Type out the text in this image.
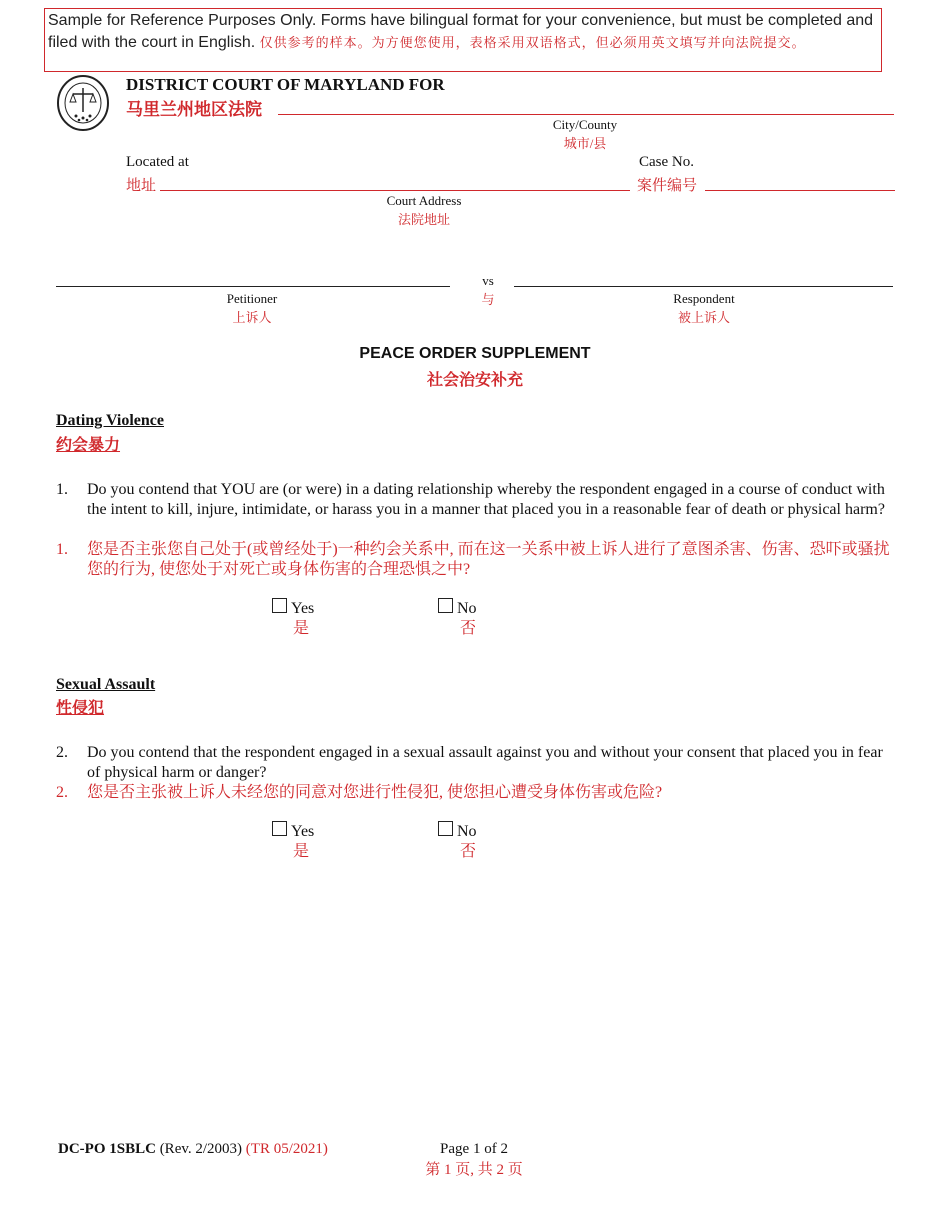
Sample for Reference Purposes Only. Forms have bilingual format for your convenience, but must be completed and filed with the court in English. 仅供参考的样本。为方便您使用，表格采用双语格式，但必须用英文填写并向法院提交。
DISTRICT COURT OF MARYLAND FOR
马里兰州地区法院
City/County
城市/县
Located at
地址
Court Address
法院地址
Case No.
案件编号
vs
与
Petitioner
上诉人
Respondent
被上诉人
PEACE ORDER SUPPLEMENT
社会治安补充
Dating Violence
约会暴力
1. Do you contend that YOU are (or were) in a dating relationship whereby the respondent engaged in a course of conduct with the intent to kill, injure, intimidate, or harass you in a manner that placed you in a reasonable fear of death or physical harm?
1. 您是否主张您自己处于(或曾经处于)一种约会关系中, 而在这一关系中被上诉人进行了意图杀害、伤害、恐吓或骚扰您的行为, 使您处于对死亡或身体伤害的合理恐惧之中?
Yes
是
No
否
Sexual Assault
性侵犯
2. Do you contend that the respondent engaged in a sexual assault against you and without your consent that placed you in fear of physical harm or danger?
2. 您是否主张被上诉人未经您的同意对您进行性侵犯, 使您担心遭受身体伤害或危险?
Yes
是
No
否
DC-PO 1SBLC (Rev. 2/2003) (TR 05/2021)	Page 1 of 2
第 1 页, 共 2 页
